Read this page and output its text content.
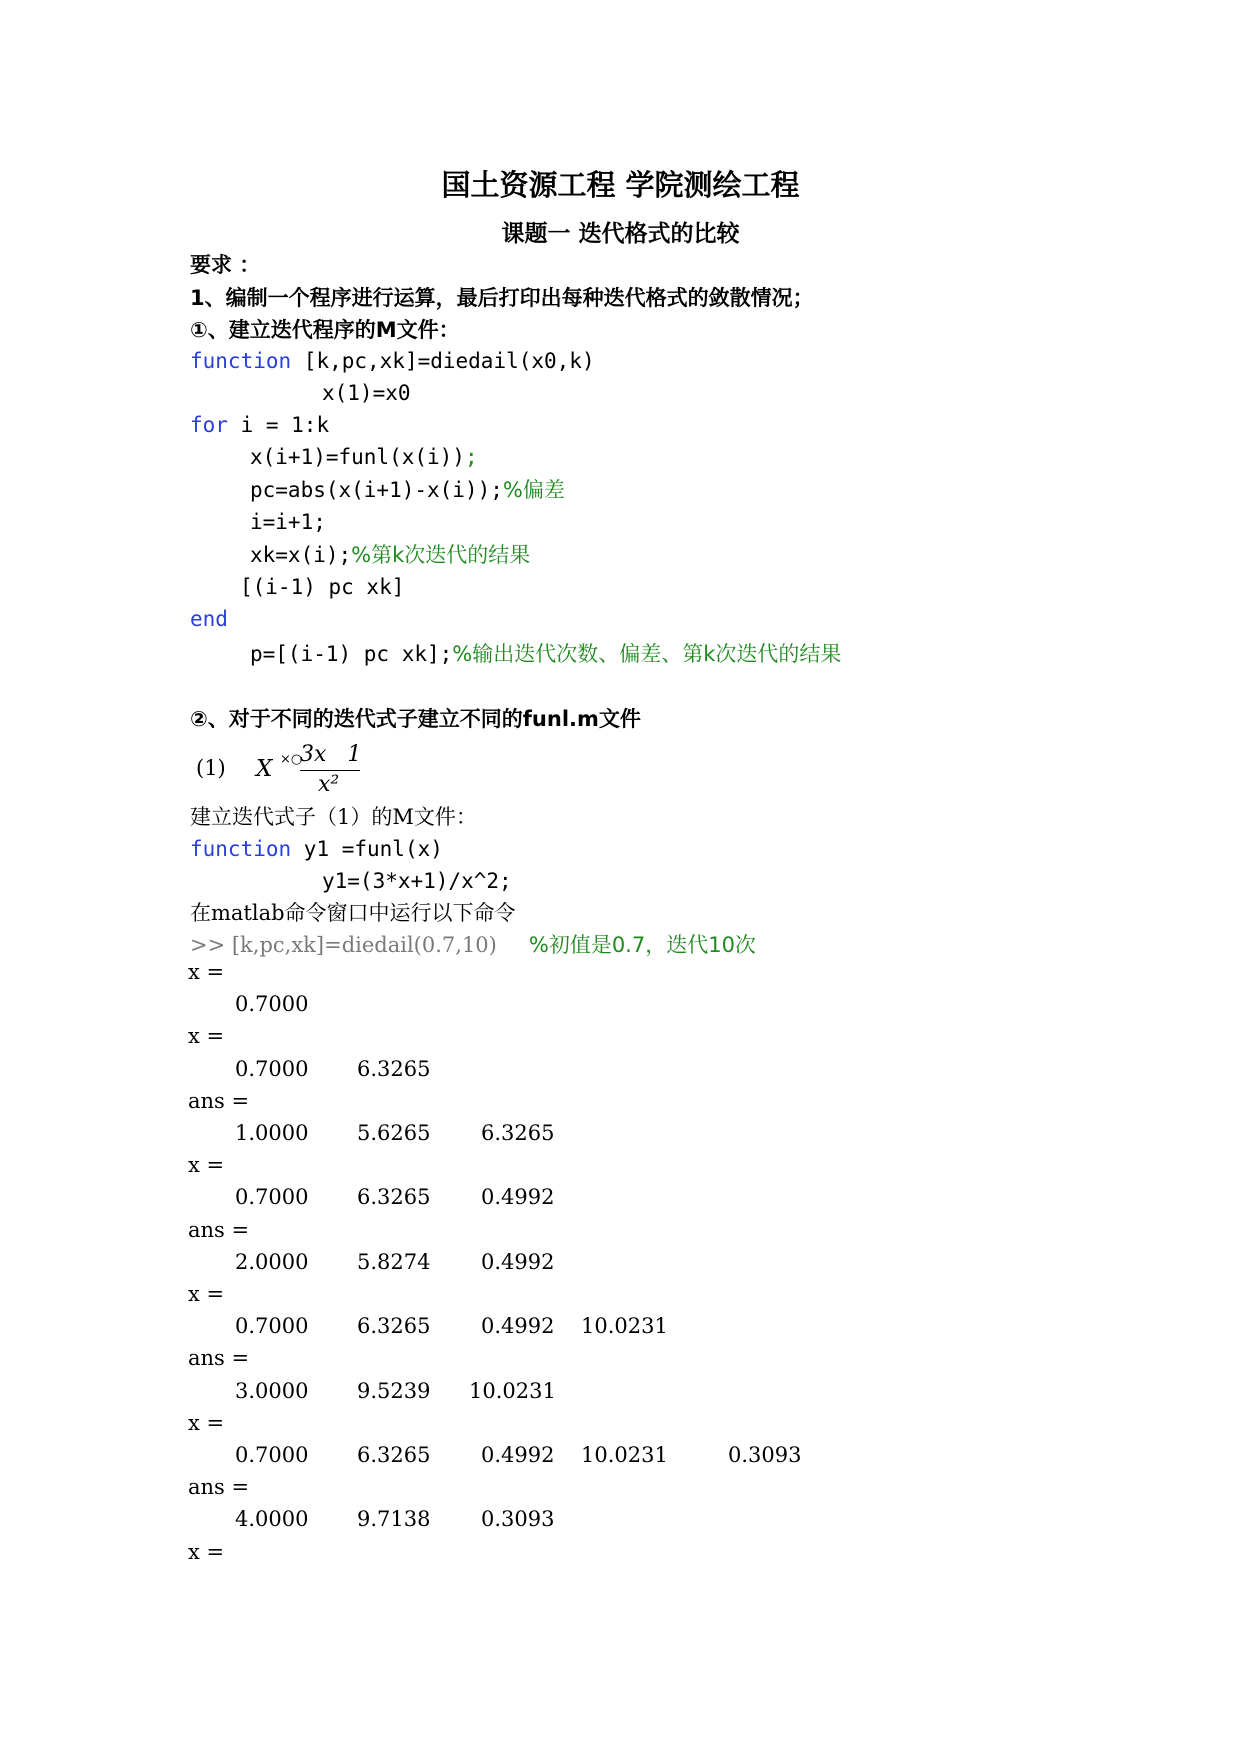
国土资源工程 学院测绘工程
课题一 迭代格式的比较
要求 ：
1、编制一个程序进行运算，最后打印出每种迭代格式的敛散情况；
①、建立迭代程序的M文件：
function [k,pc,xk]=diedail(x0,k)
x(1)=x0
for i = 1:k
x(i+1)=funl(x(i));
pc=abs(x(i+1)-x(i));%偏差
i=i+1;
xk=x(i);%第k次迭代的结果
[(i-1) pc xk]
end
p=[(i-1) pc xk];%输出迭代次数、偏差、第k次迭代的结果
②、对于不同的迭代式子建立不同的funl.m文件
(1) X ×○
3x   1
x²
建立迭代式子（1）的M文件：
function y1 =funl(x)
y1=(3*x+1)/x^2;
在matlab命令窗口中运行以下命令
>> [k,pc,xk]=diedail(0.7,10) %初值是0.7，迭代10次
x =
0.7000
x =
0.7000 6.3265
ans =
1.0000 5.6265 6.3265
x =
0.7000 6.3265 0.4992
ans =
2.0000 5.8274 0.4992
x =
0.7000 6.3265 0.4992 10.0231
ans =
3.0000 9.5239 10.0231
x =
0.7000 6.3265 0.4992 10.0231	0.3093
ans =
4.0000 9.7138 0.3093
x =
